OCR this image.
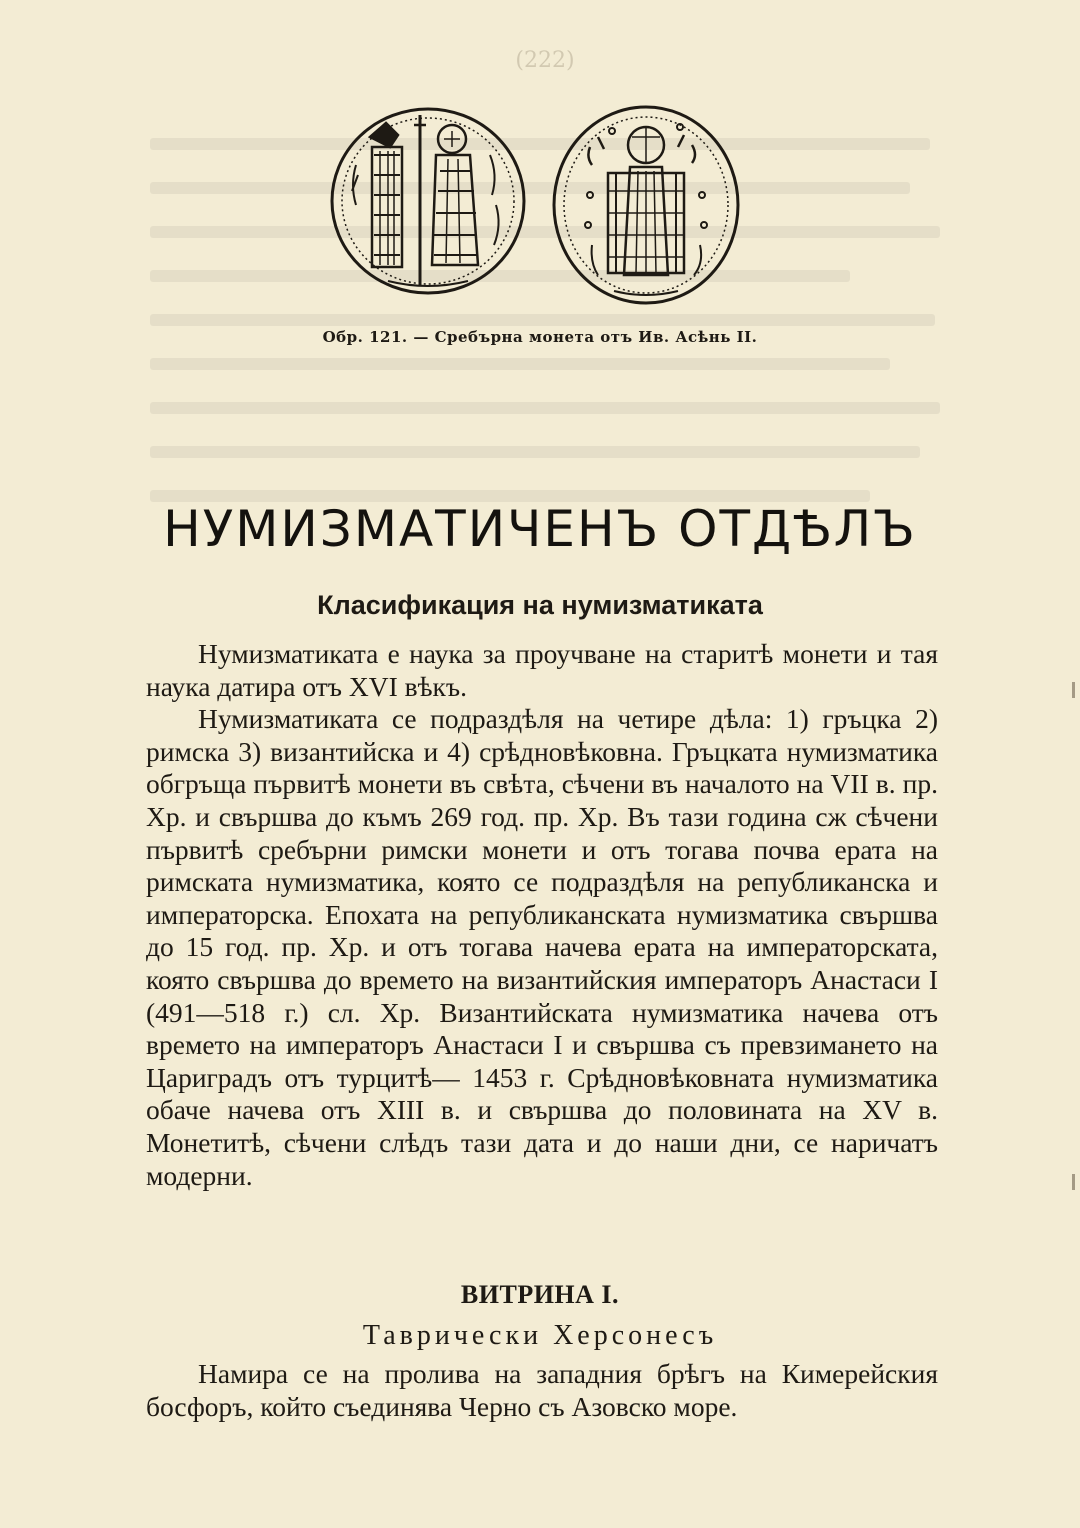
(222)
Обр. 121. — Сребърна монета отъ Ив. Асѣнь II.
НУМИЗМАТИЧЕНЪ ОТДѢЛЪ
Класификация на нумизматиката

Нумизматиката е наука за проучване на старитѣ монети и тая наука датира отъ XVI вѣкъ.

Нумизматиката се подраздѣля на четире дѣла: 1) гръцка 2) римска 3) византийска и 4) срѣдновѣковна. Гръцката нумизматика обгръща първитѣ монети въ свѣта, сѣчени въ началото на VII в. пр. Хр. и свършва до къмъ 269 год. пр. Хр. Въ тази година сж сѣчени първитѣ сребърни римски монети и отъ тогава почва ерата на римската нумизматика, която се подраздѣля на републиканска и императорска. Епохата на републиканската нумизматика свършва до 15 год. пр. Хр. и отъ тогава начева ерата на императорската, която свършва до времето на византийския императоръ Анастаси I (491—518 г.) сл. Хр. Византийската нумизматика начева отъ времето на императоръ Анастаси I и свършва съ превзимането на Цариградъ отъ турцитѣ— 1453 г. Срѣдновѣковната нумизматика обаче начева отъ XIII в. и свършва до половината на XV в. Монетитѣ, сѣчени слѣдъ тази дата и до наши дни, се наричатъ модерни.

ВИТРИНА I.
Таврически Херсонесъ

Намира се на пролива на западния брѣгъ на Кимерейския босфоръ, който съединява Черно съ Азовско море.
